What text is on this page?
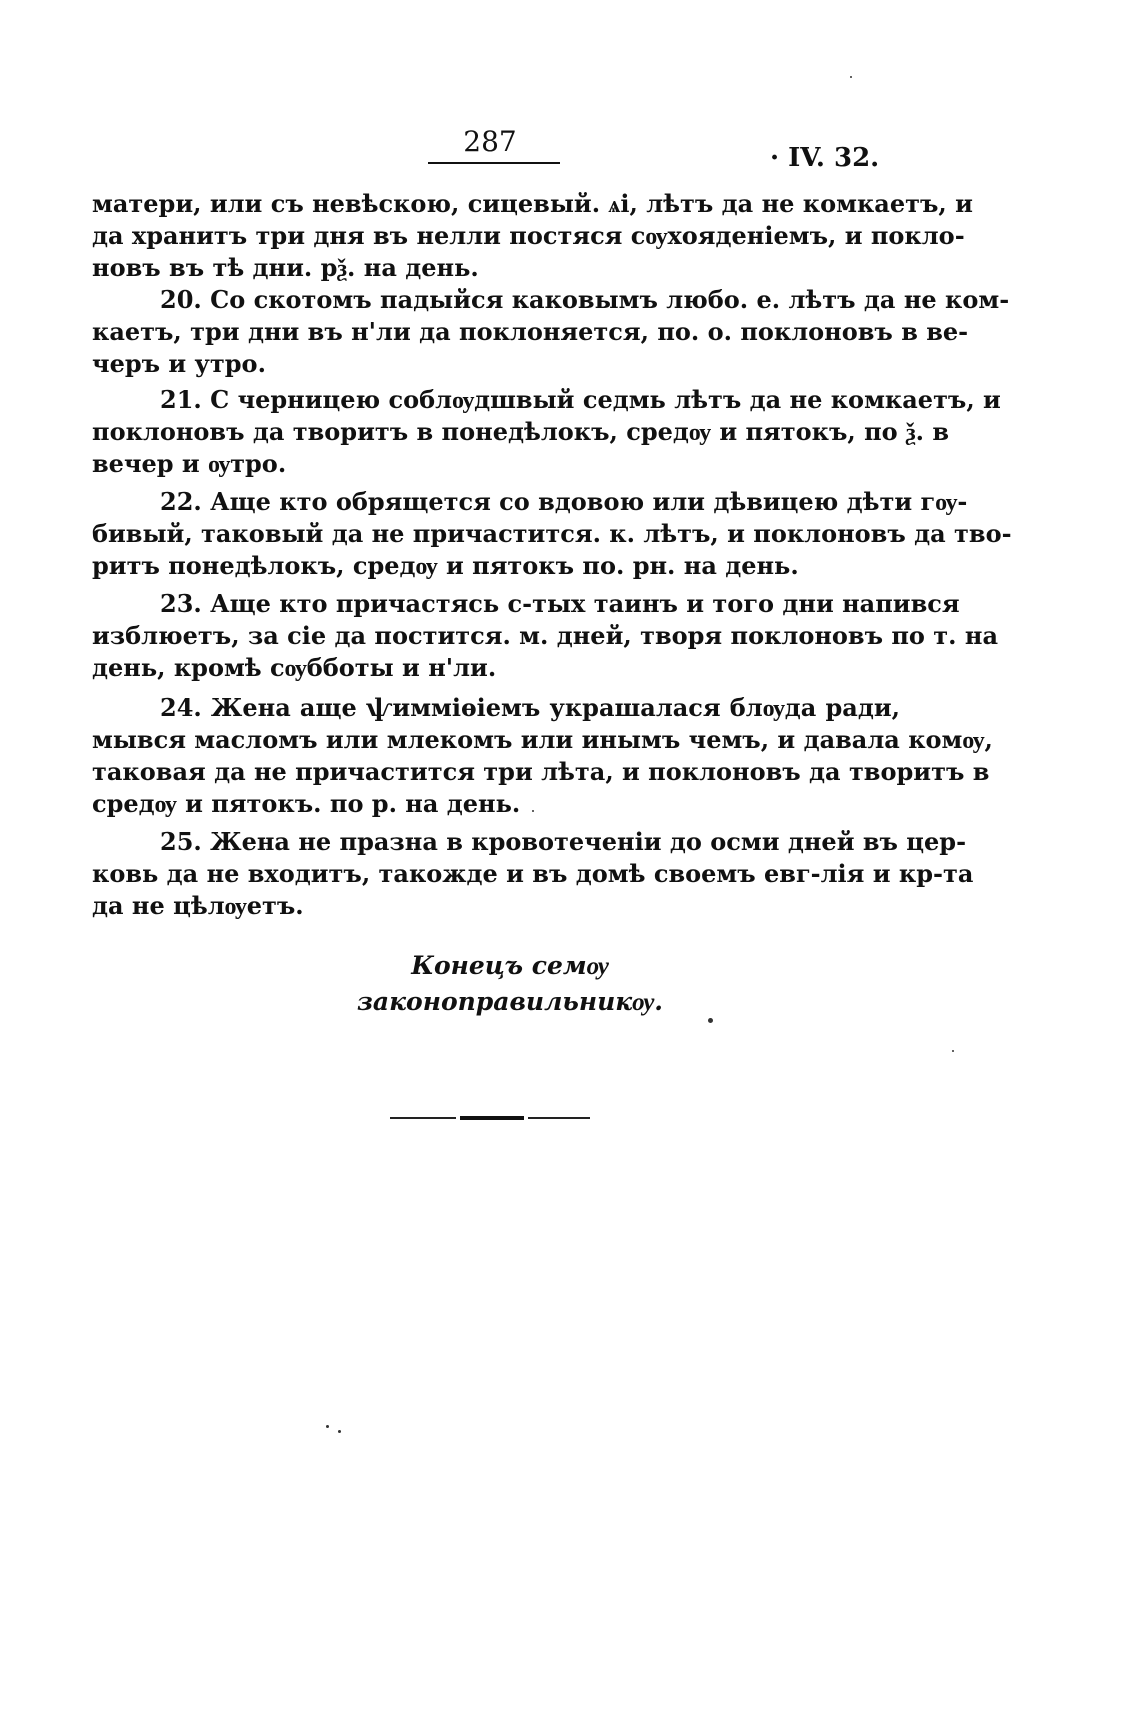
287	· IV. 32.
матери, или съ невѣскою, сицевый. ѧі, лѣтъ да не комкаетъ, и
да хранитъ три дня въ нелли постяся сѹхояденіемъ, и покло-
новъ въ тѣ дни. рѯ. на день.
20. Со скотомъ падыйся каковымъ любо. е. лѣтъ да не ком-
каетъ, три дни въ н'ли да поклоняется, по. о. поклоновъ в ве-
черъ и утро.
21. С черницею соблѹдшвый седмь лѣтъ да не комкаетъ, и
поклоновъ да творитъ в понедѣлокъ, средѹ и пятокъ, по ѯ. в
вечер и ѹтро.
22. Аще кто обрящется со вдовою или дѣвицею дѣти гѹ-
бивый, таковый да не причастится. к. лѣтъ, и поклоновъ да тво-
ритъ понедѣлокъ, средѹ и пятокъ по. рн. на день.
23. Аще кто причастясь с-тых таинъ и того дни напився
изблюетъ, за сіе да постится. м. дней, творя поклоновъ по т. на
день, кромѣ сѹбботы и н'ли.
24. Жена аще ѱимміѳіемъ украшалася блѹда ради,
мывся масломъ или млекомъ или инымъ чемъ, и давала комѹ,
таковая да не причастится три лѣта, и поклоновъ да творитъ в
средѹ и пятокъ. по р. на день.
25. Жена не празна в кровотеченіи до осми дней въ цер-
ковь да не входитъ, такожде и въ домѣ своемъ евг-лія и кр-та
да не цѣлѹетъ.
Конецъ семѹ законоправильникѹ.
